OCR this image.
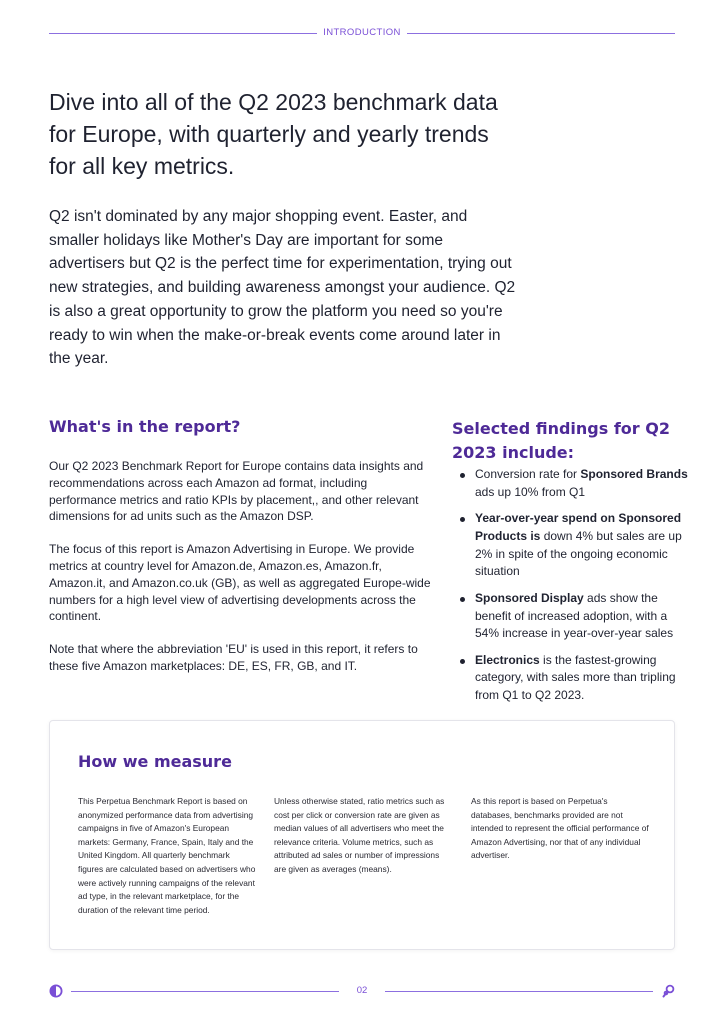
INTRODUCTION
Dive into all of the Q2 2023 benchmark data for Europe, with quarterly and yearly trends for all key metrics.

Q2 isn't dominated by any major shopping event. Easter, and smaller holidays like Mother's Day are important for some advertisers but Q2 is the perfect time for experimentation, trying out new strategies, and building awareness amongst your audience. Q2 is also a great opportunity to grow the platform you need so you're ready to win when the make-or-break events come around later in the year.

What's in the report?

Our Q2 2023 Benchmark Report for Europe contains data insights and recommendations across each Amazon ad format, including performance metrics and ratio KPIs by placement,, and other relevant dimensions for ad units such as the Amazon DSP.

The focus of this report is Amazon Advertising in Europe. We provide metrics at country level for Amazon.de, Amazon.es, Amazon.fr, Amazon.it, and Amazon.co.uk (GB), as well as aggregated Europe-wide numbers for a high level view of advertising developments across the continent.

Note that where the abbreviation 'EU' is used in this report, it refers to these five Amazon marketplaces: DE, ES, FR, GB, and IT.

Selected findings for Q2 2023 include:
Conversion rate for Sponsored Brands ads up 10% from Q1
Year-over-year spend on Sponsored Products is down 4% but sales are up 2% in spite of the ongoing economic situation
Sponsored Display ads show the benefit of increased adoption, with a 54% increase in year-over-year sales
Electronics is the fastest-growing category, with sales more than tripling from Q1 to Q2 2023.
How we measure

This Perpetua Benchmark Report is based on anonymized performance data from advertising campaigns in five of Amazon's European markets: Germany, France, Spain, Italy and the United Kingdom. All quarterly benchmark figures are calculated based on advertisers who were actively running campaigns of the relevant ad type, in the relevant marketplace, for the duration of the relevant time period.

Unless otherwise stated, ratio metrics such as cost per click or conversion rate are given as median values of all advertisers who meet the relevance criteria. Volume metrics, such as attributed ad sales or number of impressions are given as averages (means).

As this report is based on Perpetua's databases, benchmarks provided are not intended to represent the official performance of Amazon Advertising, nor that of any individual advertiser.

02
